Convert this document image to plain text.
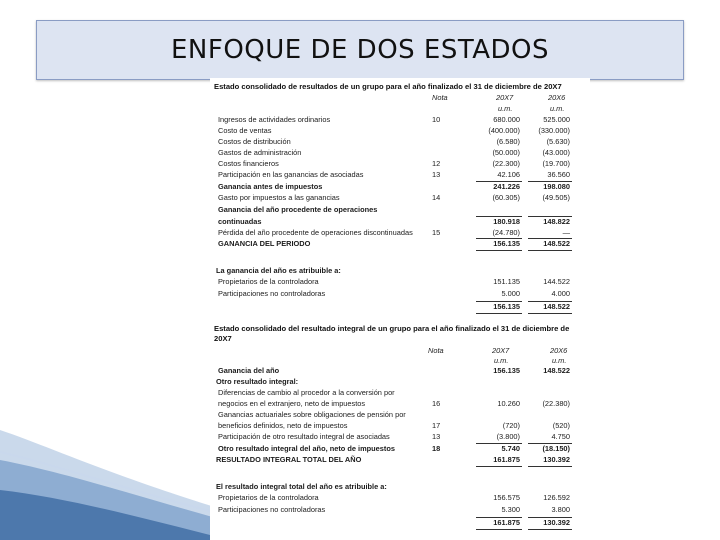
ENFOQUE DE DOS ESTADOS
Estado consolidado de resultados de un grupo para el año finalizado el 31 de diciembre de 20X7
Nota	20X7	20X6
u.m.	u.m.
Ingresos de actividades ordinarios	10	680.000	525.000
Costo de ventas	(400.000)	(330.000)
Costos de distribución	(6.580)	(5.630)
Gastos de administración	(50.000)	(43.000)
Costos financieros	12	(22.300)	(19.700)
Participación en las ganancias de asociadas	13	42.106	36.560
Ganancia antes de impuestos	241.226	198.080
Gasto por impuestos a las ganancias	14	(60.305)	(49.505)
Ganancia del año procedente de operaciones
continuadas	180.918	148.822
Pérdida del año procedente de operaciones discontinuadas	15	(24.780)	—
GANANCIA DEL PERIODO	156.135	148.522
La ganancia del año es atribuible a:
Propietarios de la controladora	151.135	144.522
Participaciones no controladoras	5.000	4.000
156.135	148.522
Estado consolidado del resultado integral de un grupo para el año finalizado el 31 de diciembre de
20X7
Nota	20X7	20X6
u.m.	u.m.
Ganancia del año	156.135	148.522
Otro resultado integral:
Diferencias de cambio al procedor a la conversión por
negocios en el extranjero, neto de impuestos	16	10.260	(22.380)
Ganancias actuariales sobre obligaciones de pensión por
beneficios definidos, neto de impuestos	17	(720)	(520)
Participación de otro resultado integral de asociadas	13	(3.800)	4.750
Otro resultado integral del año, neto de impuestos	18	5.740	(18.150)
RESULTADO INTEGRAL TOTAL DEL AÑO	161.875	130.392
El resultado integral total del año es atribuible a:
Propietarios de la controladora	156.575	126.592
Participaciones no controladoras	5.300	3.800
161.875	130.392
